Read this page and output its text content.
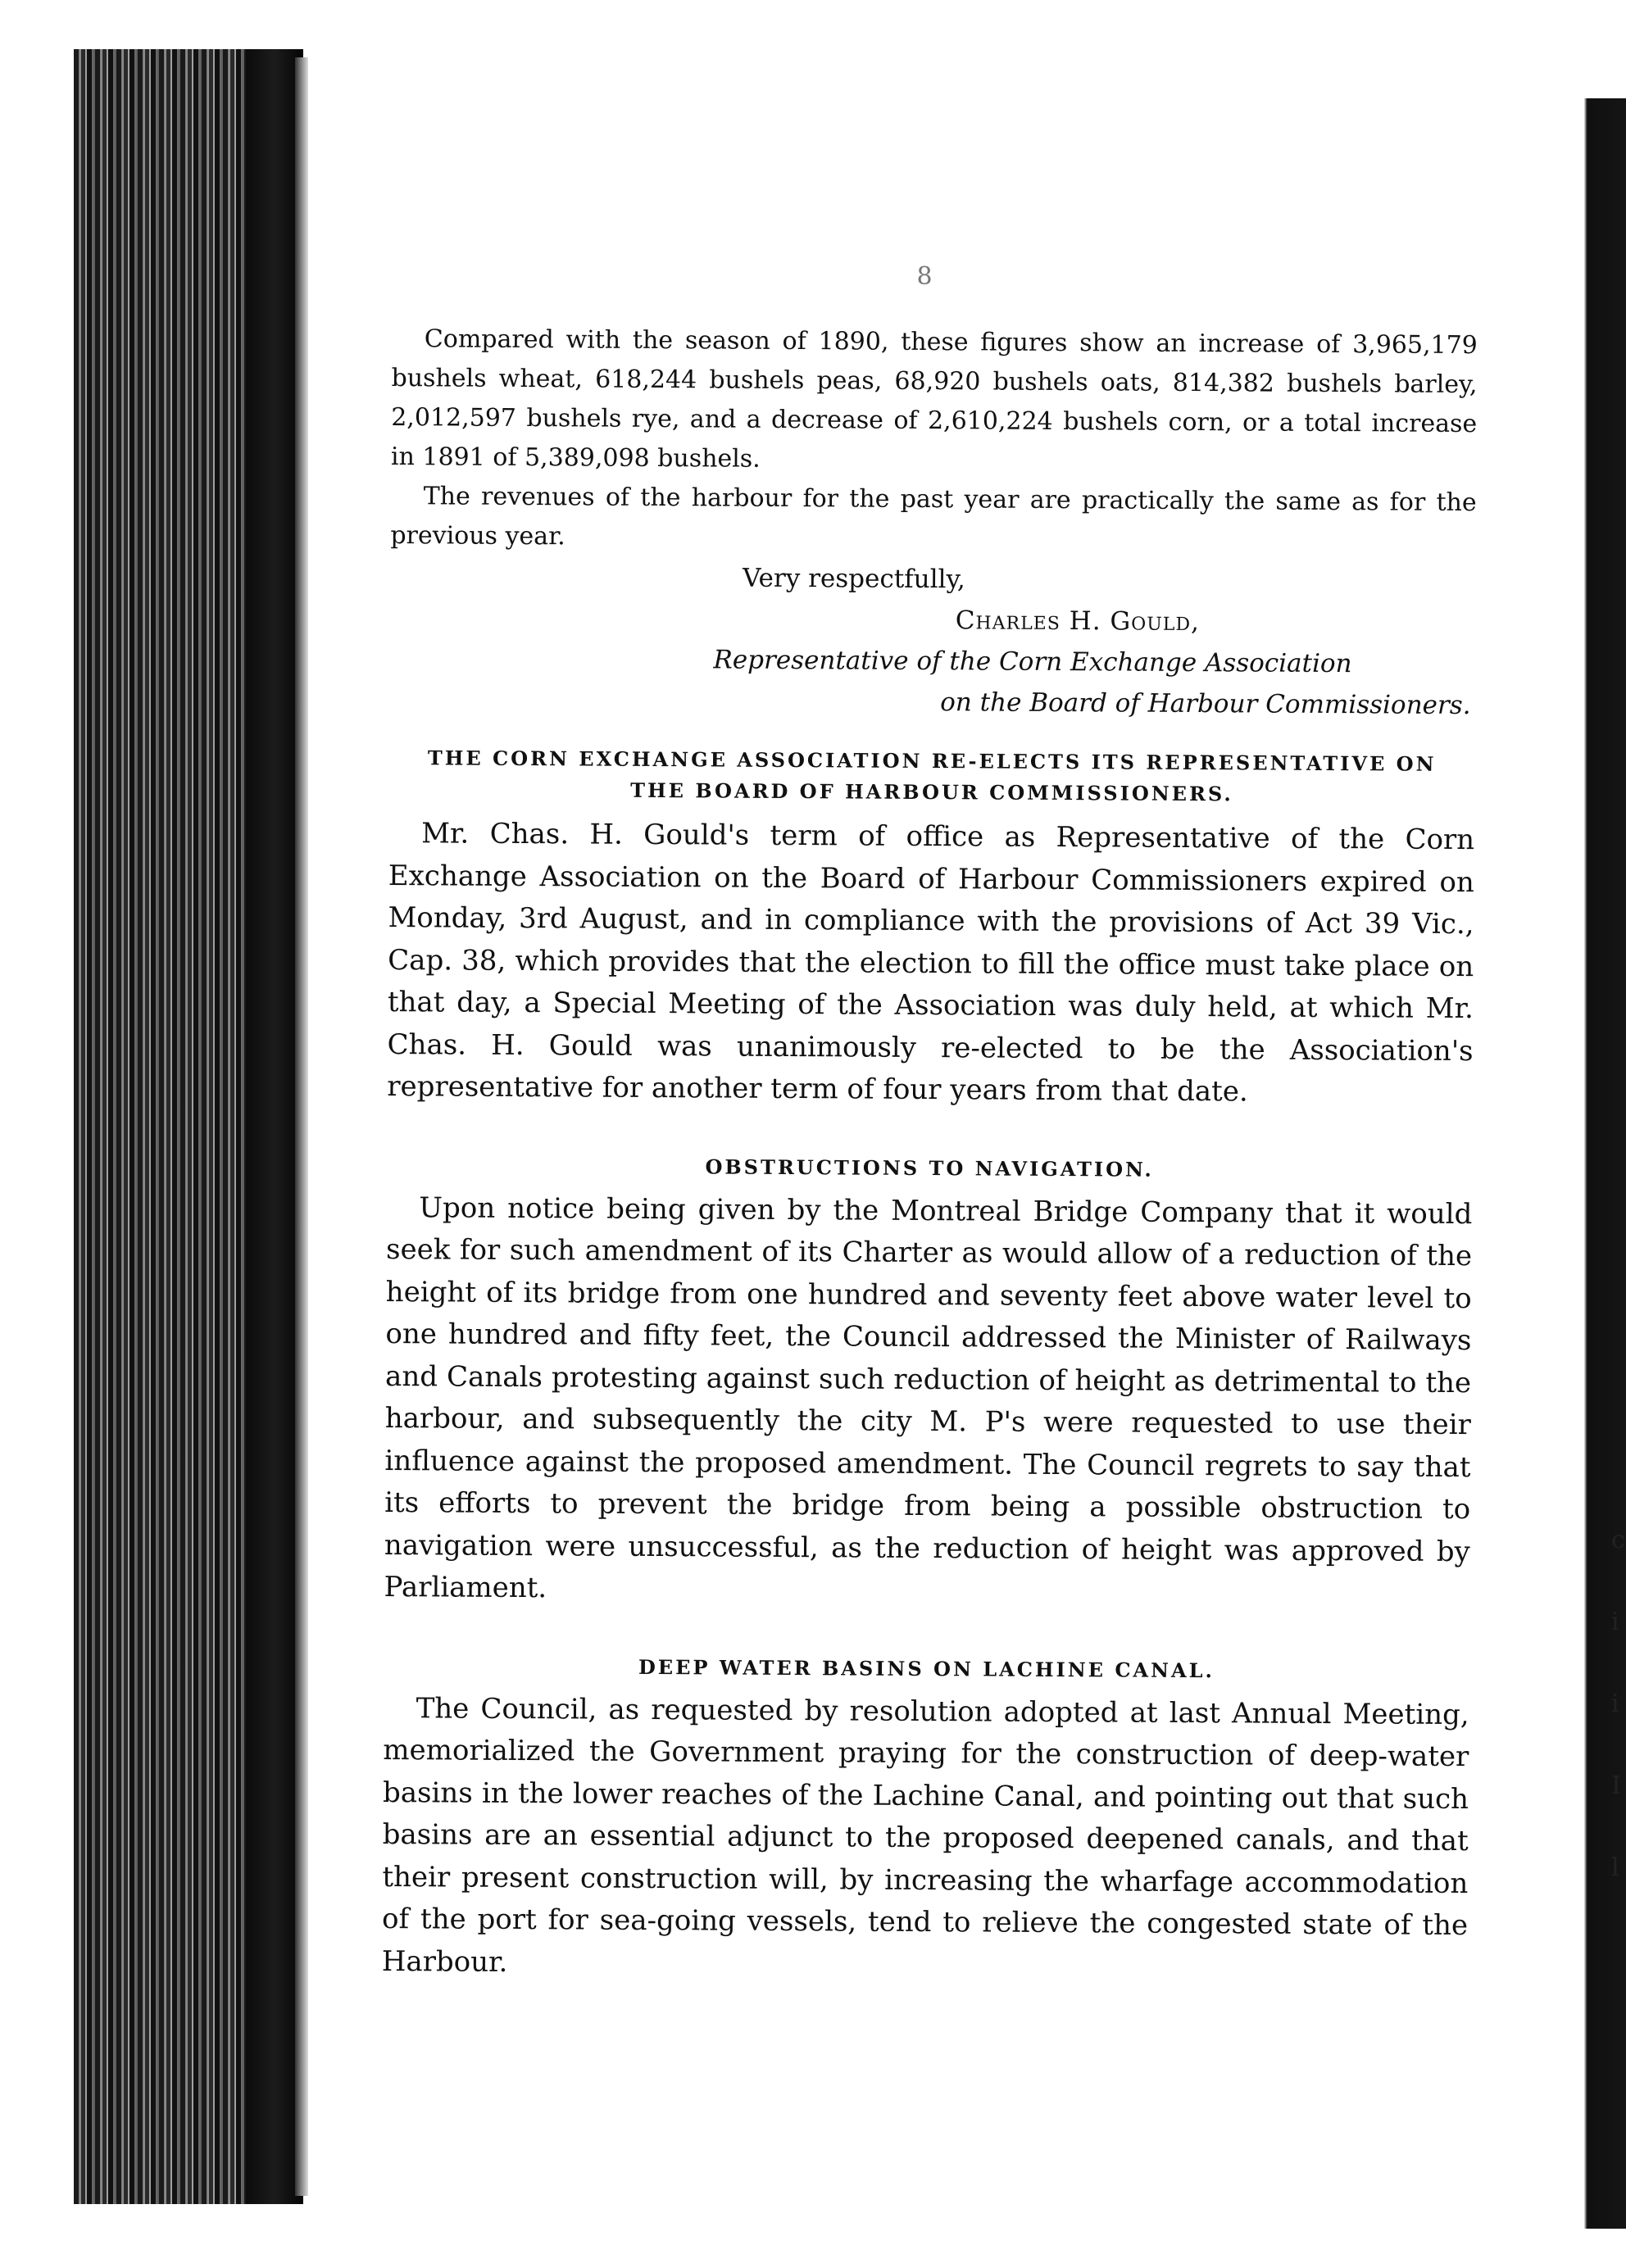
c
i
i
I
l
8

Compared with the season of 1890, these figures show an increase of 3,965,179 bushels wheat, 618,244 bushels peas, 68,920 bushels oats, 814,382 bushels barley, 2,012,597 bushels rye, and a decrease of 2,610,224 bushels corn, or a total increase in 1891 of 5,389,098 bushels.

The revenues of the harbour for the past year are practically the same as for the previous year.

Very respectfully,

Charles H. Gould,

Representative of the Corn Exchange Association

on the Board of Harbour Commissioners.

THE CORN EXCHANGE ASSOCIATION RE-ELECTS ITS REPRESENTATIVE ON THE BOARD OF HARBOUR COMMISSIONERS.

Mr. Chas. H. Gould's term of office as Representative of the Corn Exchange Association on the Board of Harbour Commissioners expired on Monday, 3rd August, and in compliance with the provisions of Act 39 Vic., Cap. 38, which provides that the election to fill the office must take place on that day, a Special Meeting of the Association was duly held, at which Mr. Chas. H. Gould was unanimously re-elected to be the Association's representative for another term of four years from that date.

OBSTRUCTIONS TO NAVIGATION.

Upon notice being given by the Montreal Bridge Company that it would seek for such amendment of its Charter as would allow of a reduction of the height of its bridge from one hundred and seventy feet above water level to one hundred and fifty feet, the Council addressed the Minister of Railways and Canals protesting against such reduction of height as detrimental to the harbour, and subsequently the city M. P's were requested to use their influence against the proposed amendment. The Council regrets to say that its efforts to prevent the bridge from being a possible obstruction to navigation were unsuccessful, as the reduction of height was approved by Parliament.

DEEP WATER BASINS ON LACHINE CANAL.

The Council, as requested by resolution adopted at last Annual Meeting, memorialized the Government praying for the construction of deep-water basins in the lower reaches of the Lachine Canal, and pointing out that such basins are an essential adjunct to the proposed deepened canals, and that their present construction will, by increasing the wharfage accommodation of the port for sea-going vessels, tend to relieve the congested state of the Harbour.
